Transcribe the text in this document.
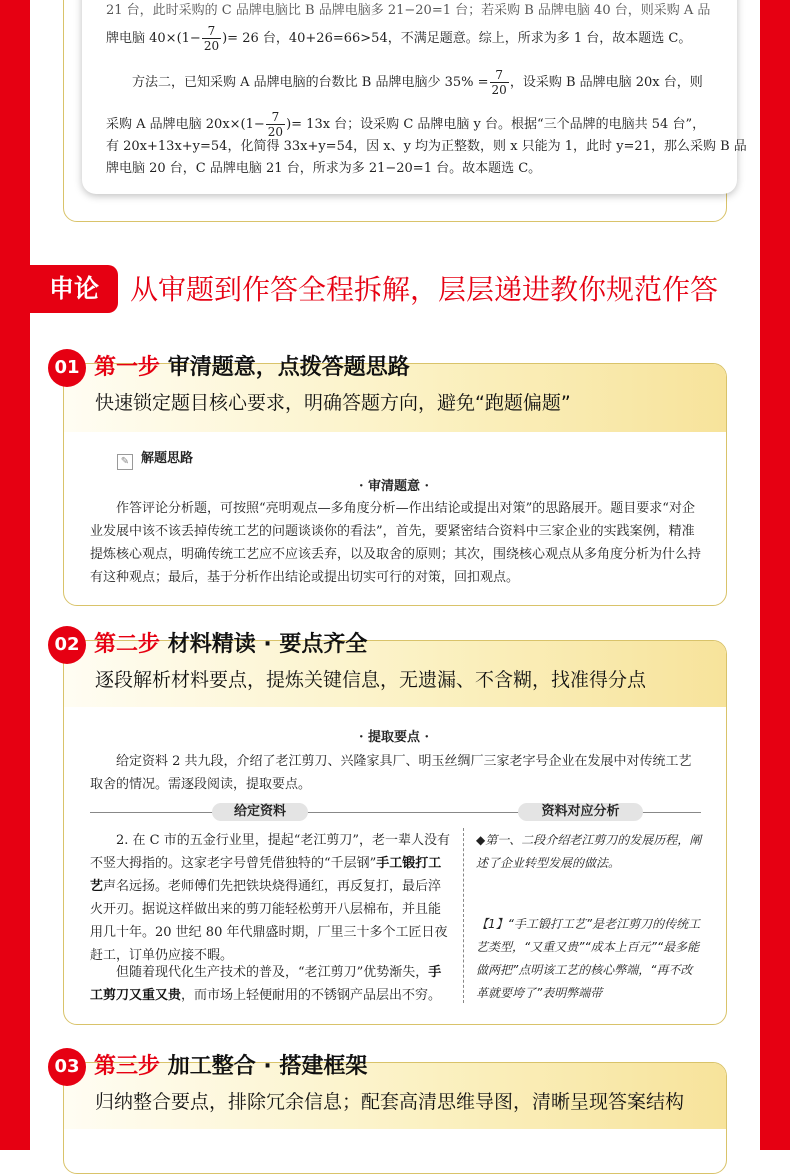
21 台，此时采购的 C 品牌电脑比 B 品牌电脑多 21−20=1 台；若采购 B 品牌电脑 40 台，则采购 A 品
牌电脑 $40\times(1- \frac{7}{20}$ )= 26 台，40+26=66>54，不满足题意。综上，所求为多 1 台，故本题选 C。
方法二，已知采购 A 品牌电脑的台数比 B 品牌电脑少 $35\% = \frac{7}{20}$ ，设采购 B 品牌电脑 20x 台，则
采购 A 品牌电脑 $20x\times(1- \frac{7}{20}$ )= 13x 台；设采购 C 品牌电脑 y 台。根据“三个品牌的电脑共 54 台”，
有 20x+13x+y=54，化简得 33x+y=54，因 x、y 均为正整数，则 x 只能为 1，此时 y=21，那么采购 B 品
牌电脑 20 台，C 品牌电脑 21 台，所求为多 21−20=1 台。故本题选 C。
申论	从审题到作答全程拆解，层层递进教你规范作答
01 第一步 审清题意，点拨答题思路
快速锁定题目核心要求，明确答题方向，避免“跑题偏题”
✎ 解题思路
· 审清题意 ·
作答评论分析题，可按照“亮明观点—多角度分析—作出结论或提出对策”的思路展开。题目要求“对企业发展中该不该丢掉传统工艺的问题谈谈你的看法”，首先，要紧密结合资料中三家企业的实践案例，精准提炼核心观点，明确传统工艺应不应该丢弃，以及取舍的原则；其次，围绕核心观点从多角度分析为什么持有这种观点；最后，基于分析作出结论或提出切实可行的对策，回扣观点。
02 第二步 材料精读 · 要点齐全
逐段解析材料要点，提炼关键信息，无遗漏、不含糊，找准得分点
· 提取要点 ·
给定资料 2 共九段，介绍了老江剪刀、兴隆家具厂、明玉丝绸厂三家老字号企业在发展中对传统工艺取舍的情况。需逐段阅读，提取要点。
给定资料	资料对应分析
2. 在 C 市的五金行业里，提起“老江剪刀”，老一辈人没有不竖大拇指的。这家老字号曾凭借独特的“千层钢”手工锻打工艺声名远扬。老师傅们先把铁块烧得通红，再反复打，最后淬火开刃。据说这样做出来的剪刀能轻松剪开八层棉布，并且能用几十年。20 世纪 80 年代鼎盛时期，厂里三十多个工匠日夜赶工，订单仍应接不暇。
但随着现代化生产技术的普及，“老江剪刀”优势渐失，手工剪刀又重又贵，而市场上轻便耐用的不锈钢产品层出不穷。
◆第一、二段介绍老江剪刀的发展历程，阐述了企业转型发展的做法。
【1】“手工锻打工艺”是老江剪刀的传统工艺类型，“又重又贵”“成本上百元”“最多能做两把”点明该工艺的核心弊端，“再不改革就要垮了”表明弊端带
03 第三步 加工整合 · 搭建框架
归纳整合要点，排除冗余信息；配套高清思维导图，清晰呈现答案结构
